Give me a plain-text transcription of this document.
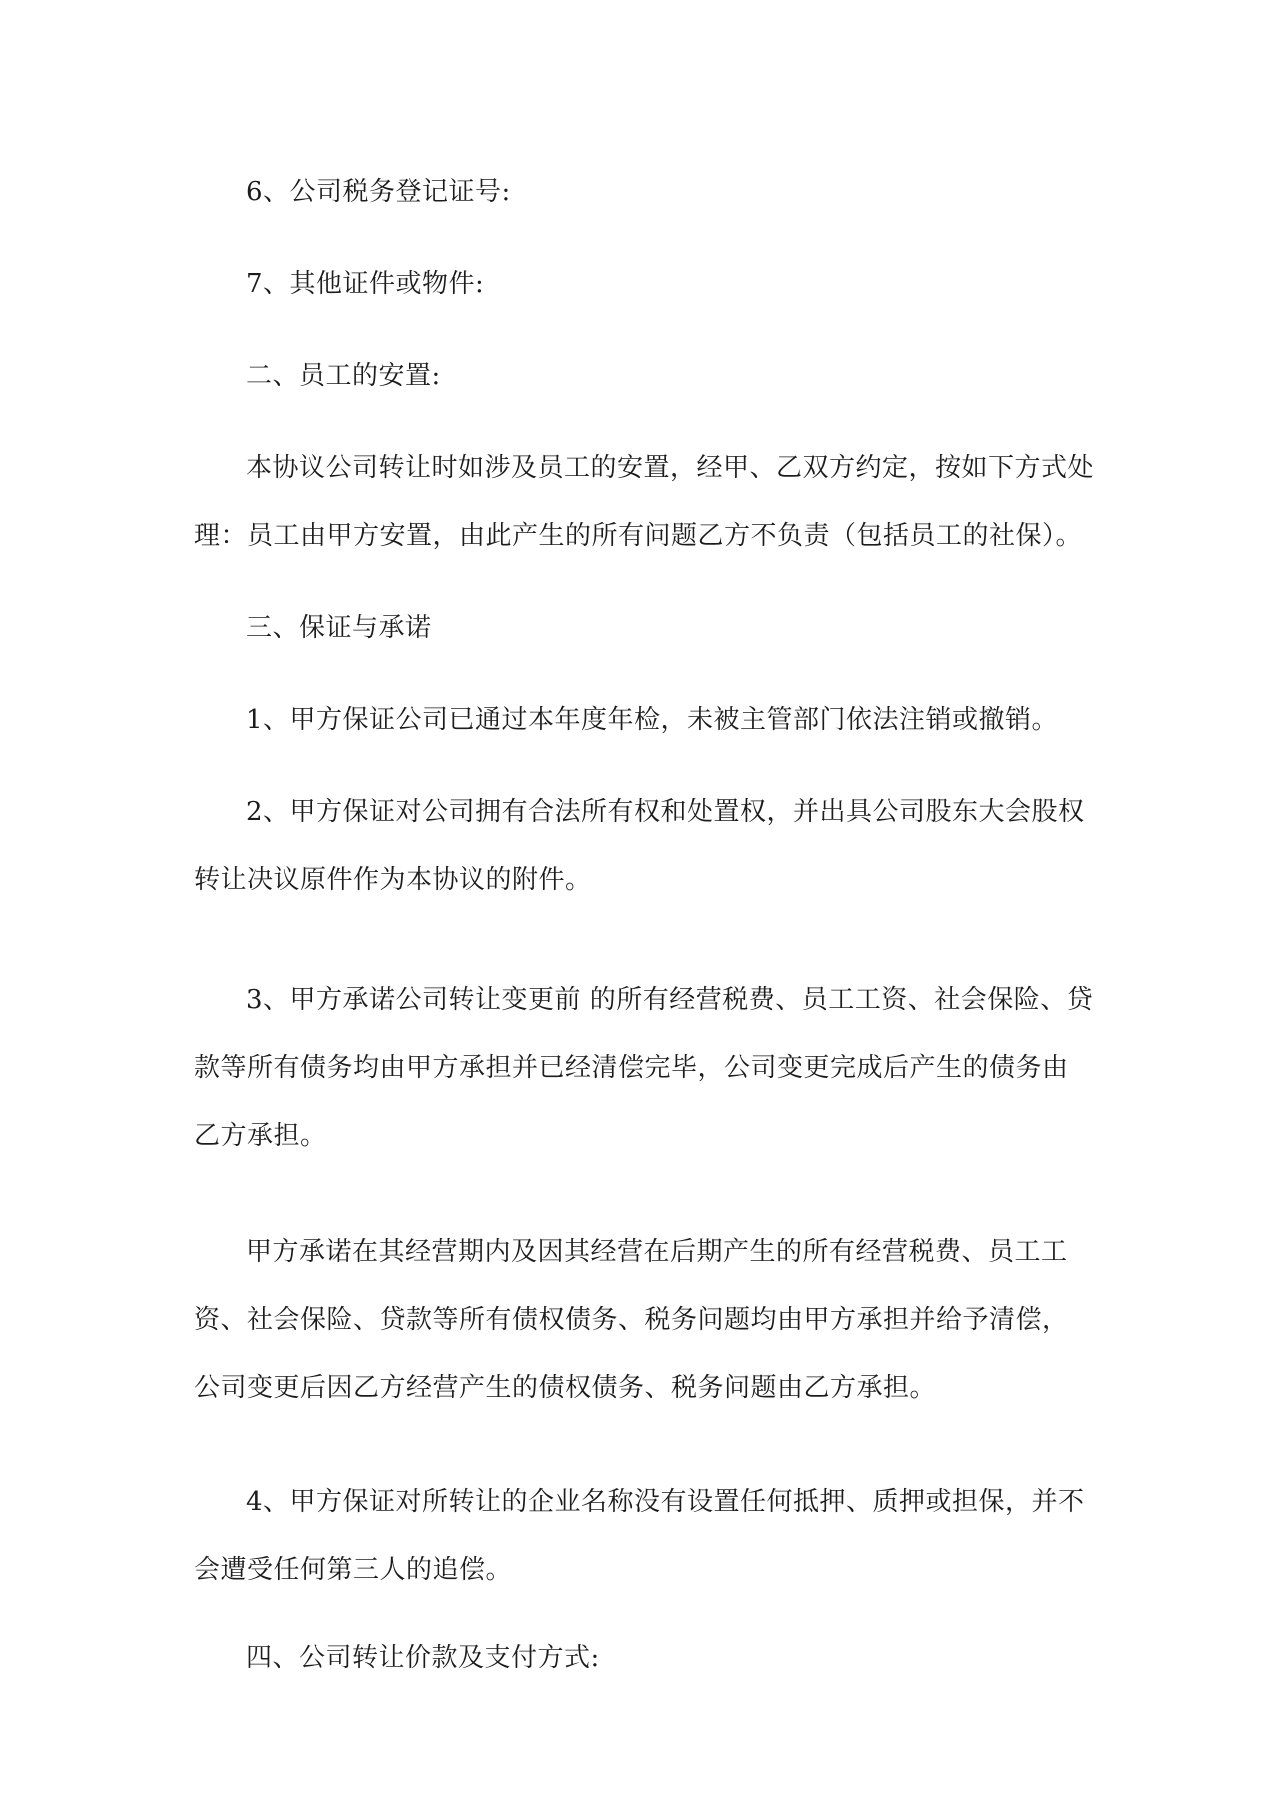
6、公司税务登记证号:

7、其他证件或物件:

二、员工的安置:

本协议公司转让时如涉及员工的安置，经甲、乙双方约定，按如下方式处理：员工由甲方安置，由此产生的所有问题乙方不负责（包括员工的社保）。

三、保证与承诺

1、甲方保证公司已通过本年度年检，未被主管部门依法注销或撤销。

2、甲方保证对公司拥有合法所有权和处置权，并出具公司股东大会股权转让决议原件作为本协议的附件。

3、甲方承诺公司转让变更前 的所有经营税费、员工工资、社会保险、贷款等所有债务均由甲方承担并已经清偿完毕，公司变更完成后产生的债务由乙方承担。

甲方承诺在其经营期内及因其经营在后期产生的所有经营税费、员工工资、社会保险、贷款等所有债权债务、税务问题均由甲方承担并给予清偿，公司变更后因乙方经营产生的债权债务、税务问题由乙方承担。

4、甲方保证对所转让的企业名称没有设置任何抵押、质押或担保，并不会遭受任何第三人的追偿。

四、公司转让价款及支付方式:
